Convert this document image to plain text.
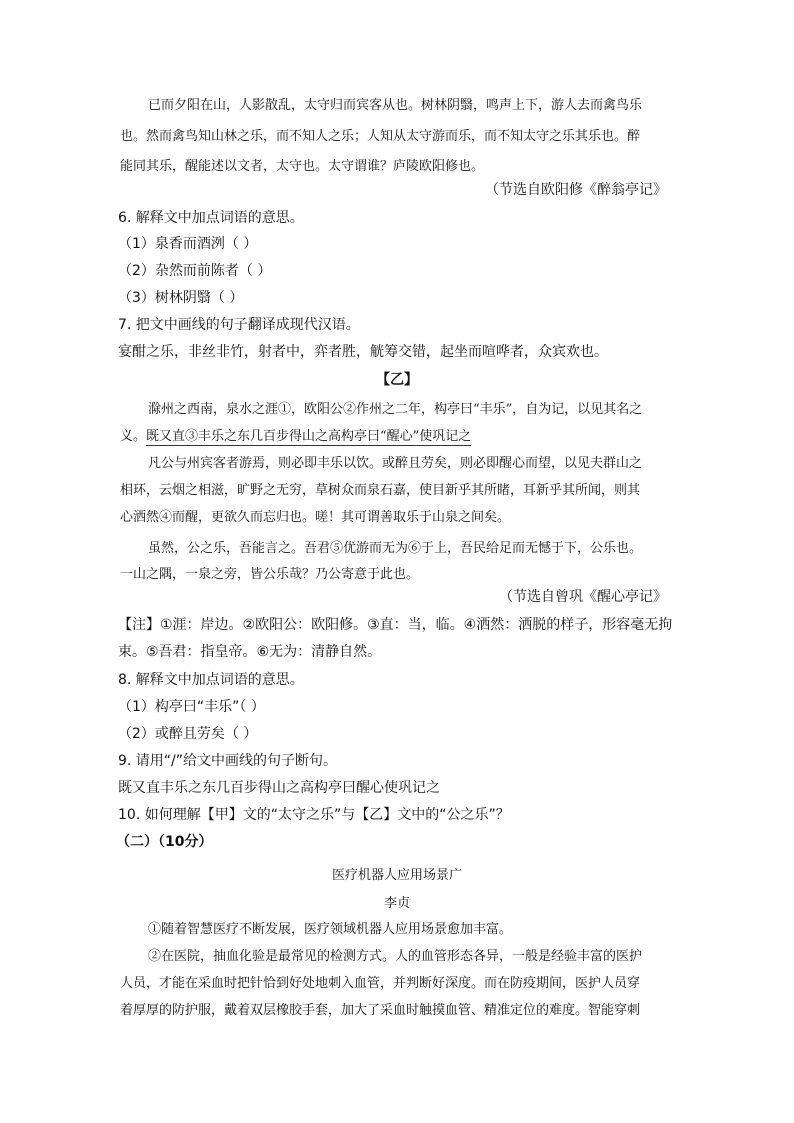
已而夕阳在山，人影散乱，太守归而宾客从也。树林阴翳，鸣声上下，游人去而禽鸟乐
也。然而禽鸟知山林之乐，而不知人之乐；人知从太守游而乐，而不知太守之乐其乐也。醉
能同其乐，醒能述以文者，太守也。太守谓谁？庐陵欧阳修也。
（节选自欧阳修《醉翁亭记》
6. 解释文中加点词语的意思。
（1）泉香而酒洌（ ）
（2）杂然而前陈者（ ）
（3）树林阴翳（ ）
7. 把文中画线的句子翻译成现代汉语。
宴酣之乐，非丝非竹，射者中，弈者胜，觥筹交错，起坐而喧哗者，众宾欢也。
【乙】
滁州之西南，泉水之涯①，欧阳公②作州之二年，构亭曰“丰乐”，自为记，以见其名之
义。既又直③丰乐之东几百步得山之高构亭曰“醒心”使巩记之
凡公与州宾客者游焉，则必即丰乐以饮。或醉且劳矣，则必即醒心而望，以见夫群山之
相环，云烟之相滋，旷野之无穷，草树众而泉石嘉，使目新乎其所睹，耳新乎其所闻，则其
心洒然④而醒，更欲久而忘归也。嗟！其可谓善取乐于山泉之间矣。
虽然，公之乐，吾能言之。吾君⑤优游而无为⑥于上，吾民给足而无憾于下，公乐也。
一山之隅，一泉之旁，皆公乐哉？乃公寄意于此也。
（节选自曾巩《醒心亭记》
【注】①涯：岸边。②欧阳公：欧阳修。③直：当，临。④洒然：洒脱的样子，形容毫无拘
束。⑤吾君：指皇帝。⑥无为：清静自然。
8. 解释文中加点词语的意思。
（1）构亭曰“丰乐”（ ）
（2）或醉且劳矣（ ）
9. 请用“/”给文中画线的句子断句。
既又直丰乐之东几百步得山之高构亭曰醒心使巩记之
10. 如何理解【甲】文的“太守之乐”与【乙】文中的“公之乐”？
（二）（10分）
医疗机器人应用场景广
李贞
①随着智慧医疗不断发展，医疗领域机器人应用场景愈加丰富。
②在医院，抽血化验是最常见的检测方式。人的血管形态各异，一般是经验丰富的医护
人员，才能在采血时把针恰到好处地刺入血管，并判断好深度。而在防疫期间，医护人员穿
着厚厚的防护服，戴着双层橡胶手套，加大了采血时触摸血管、精准定位的难度。智能穿刺
